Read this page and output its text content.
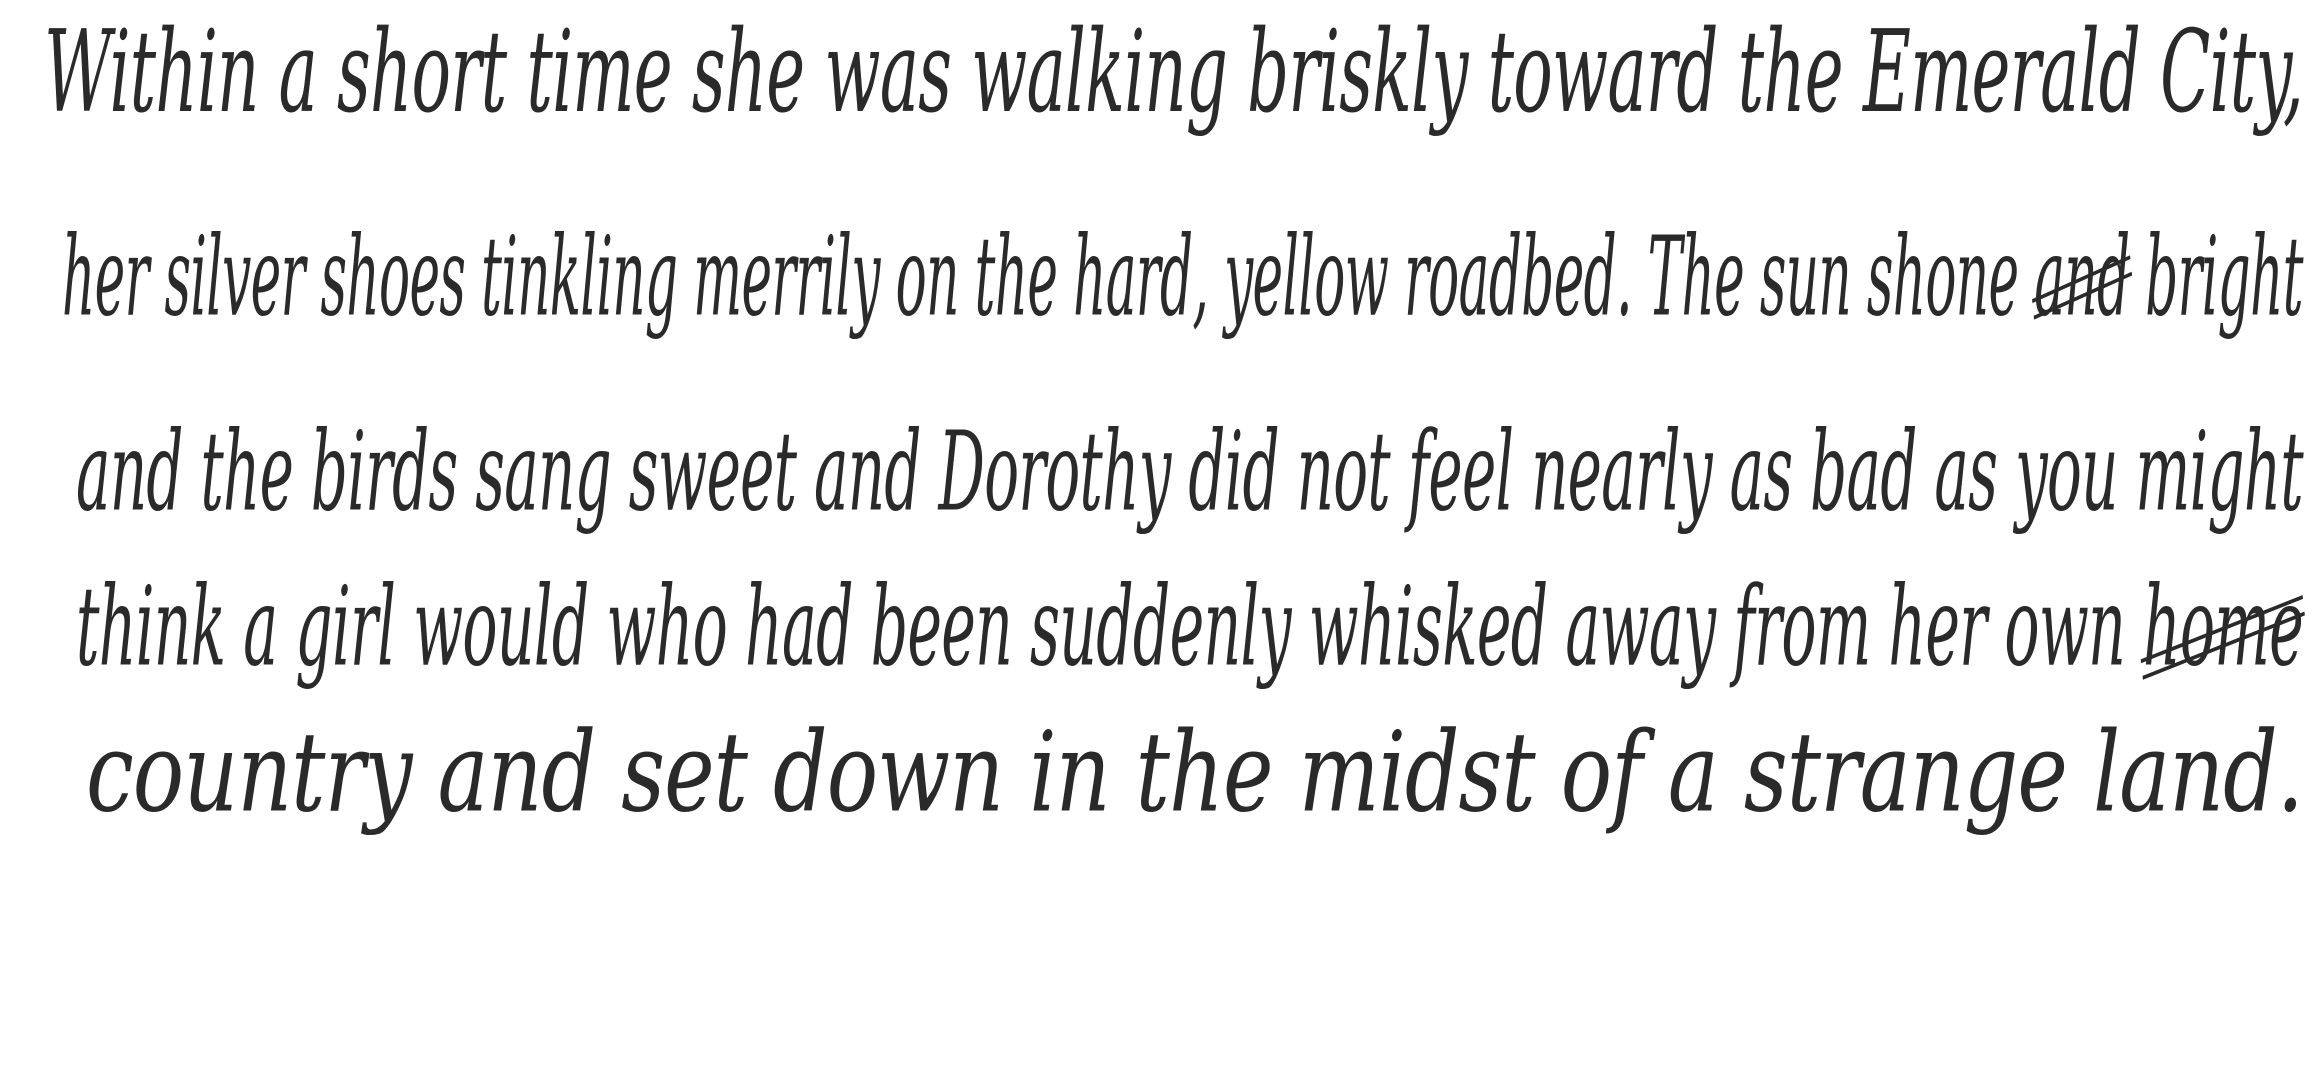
Within a short time she was walking briskly toward the Emerald City,

her silver shoes tinkling merrily on the hard, yellow roadbed. The sun shone and bright

and the birds sang sweet and Dorothy did not feel nearly as bad as you might

think a girl would who had been suddenly whisked away from her own home

country and set down in the midst of a strange land.
